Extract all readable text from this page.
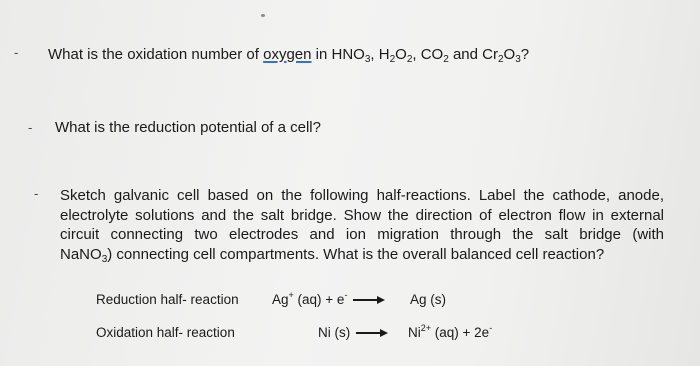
- What is the oxidation number of oxygen in $HNO_3$, $H_2O_2$, $CO_2$ and $Cr_2O_3$?
- What is the reduction potential of a cell?
- Sketch galvanic cell based on the following half-reactions. Label the cathode, anode,
electrolyte solutions and the salt bridge. Show the direction of electron flow in external
circuit connecting two electrodes and ion migration through the salt bridge (with
NaNO$_3$) connecting cell compartments. What is the overall balanced cell reaction?
Reduction half- reaction Ag+ (aq) + e-	Ag (s)
Oxidation half- reaction	Ni (s)	$Ni^{2+}$ (aq) + 2e-
